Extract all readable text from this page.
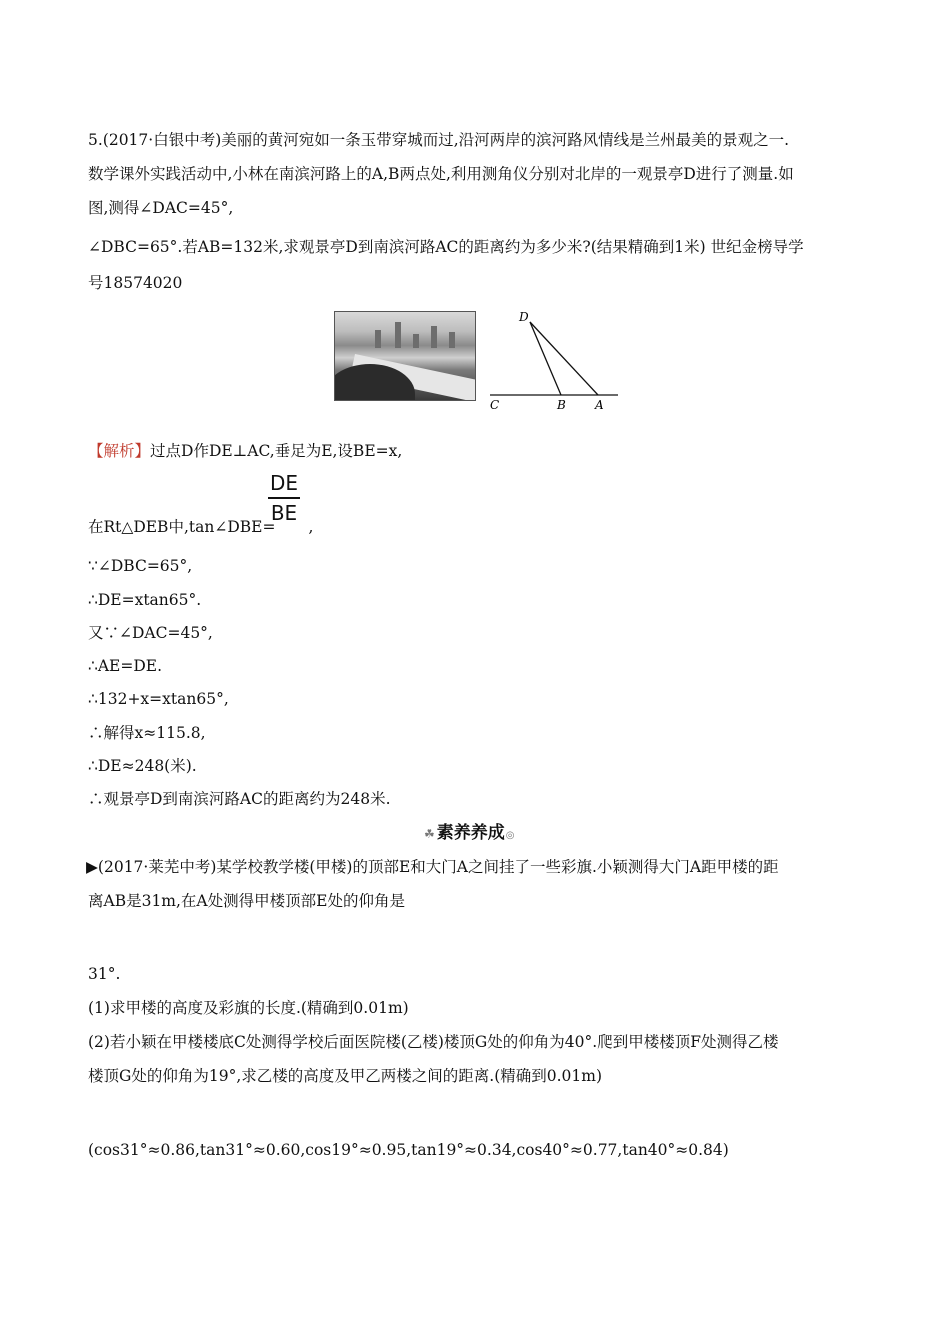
5.(2017·白银中考)美丽的黄河宛如一条玉带穿城而过,沿河两岸的滨河路风情线是兰州最美的景观之一.
数学课外实践活动中,小林在南滨河路上的A,B两点处,利用测角仪分别对北岸的一观景亭D进行了测量.如
图,测得∠DAC=45°,
∠DBC=65°.若AB=132米,求观景亭D到南滨河路AC的距离约为多少米?(结果精确到1米) 世纪金榜导学
号18574020
D
C	B A
【解析】过点D作DE⊥AC,垂足为E,设BE=x,
DE
BE
在Rt△DEB中,tan∠DBE= ,
∵∠DBC=65°,
∴DE=xtan65°.
又∵∠DAC=45°,
∴AE=DE.
∴132+x=xtan65°,
∴解得x≈115.8,
∴DE≈248(米).
∴观景亭D到南滨河路AC的距离约为248米.
☘ 素养养成◎
▶(2017·莱芜中考)某学校教学楼(甲楼)的顶部E和大门A之间挂了一些彩旗.小颖测得大门A距甲楼的距
离AB是31m,在A处测得甲楼顶部E处的仰角是
31°.
(1)求甲楼的高度及彩旗的长度.(精确到0.01m)
(2)若小颖在甲楼楼底C处测得学校后面医院楼(乙楼)楼顶G处的仰角为40°.爬到甲楼楼顶F处测得乙楼
楼顶G处的仰角为19°,求乙楼的高度及甲乙两楼之间的距离.(精确到0.01m)
(cos31°≈0.86,tan31°≈0.60,cos19°≈0.95,tan19°≈0.34,cos40°≈0.77,tan40°≈0.84)
